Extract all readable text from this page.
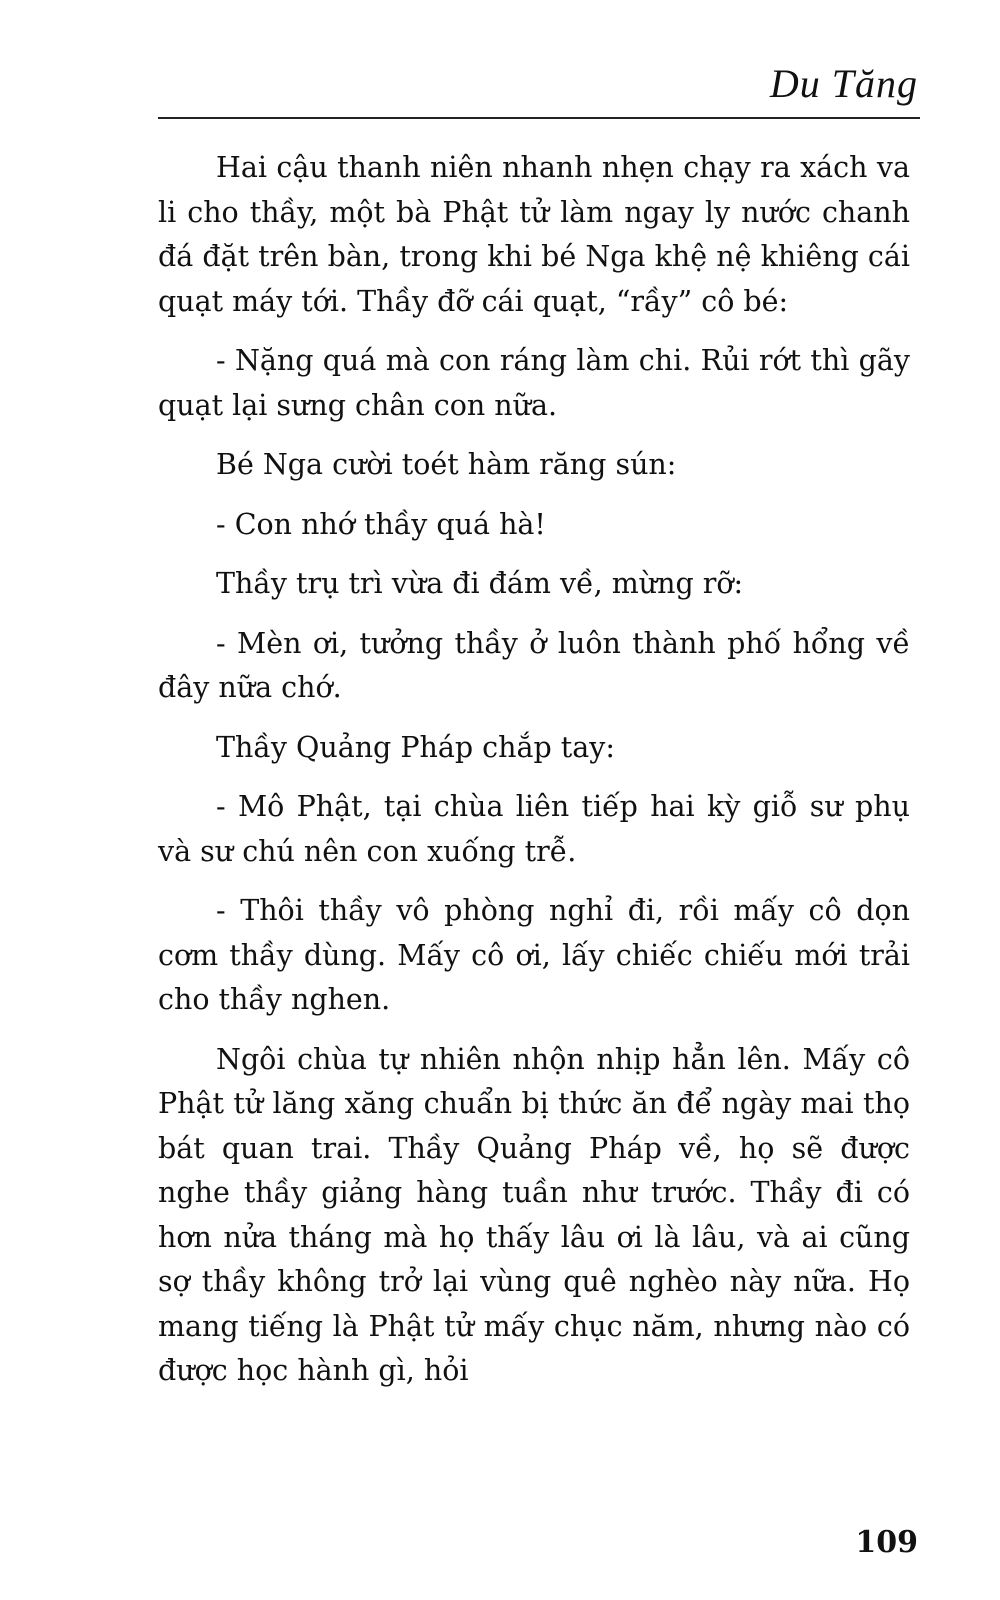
Du Tăng

Hai cậu thanh niên nhanh nhẹn chạy ra xách va li cho thầy, một bà Phật tử làm ngay ly nước chanh đá đặt trên bàn, trong khi bé Nga khệ nệ khiêng cái quạt máy tới. Thầy đỡ cái quạt, “rầy” cô bé:

- Nặng quá mà con ráng làm chi. Rủi rớt thì gãy quạt lại sưng chân con nữa.

Bé Nga cười toét hàm răng sún:

- Con nhớ thầy quá hà!

Thầy trụ trì vừa đi đám về, mừng rỡ:

- Mèn ơi, tưởng thầy ở luôn thành phố hổng về đây nữa chớ.

Thầy Quảng Pháp chắp tay:

- Mô Phật, tại chùa liên tiếp hai kỳ giỗ sư phụ và sư chú nên con xuống trễ.

- Thôi thầy vô phòng nghỉ đi, rồi mấy cô dọn cơm thầy dùng. Mấy cô ơi, lấy chiếc chiếu mới trải cho thầy nghen.

Ngôi chùa tự nhiên nhộn nhịp hẳn lên. Mấy cô Phật tử lăng xăng chuẩn bị thức ăn để ngày mai thọ bát quan trai. Thầy Quảng Pháp về, họ sẽ được nghe thầy giảng hàng tuần như trước. Thầy đi có hơn nửa tháng mà họ thấy lâu ơi là lâu, và ai cũng sợ thầy không trở lại vùng quê nghèo này nữa. Họ mang tiếng là Phật tử mấy chục năm, nhưng nào có được học hành gì, hỏi

109
